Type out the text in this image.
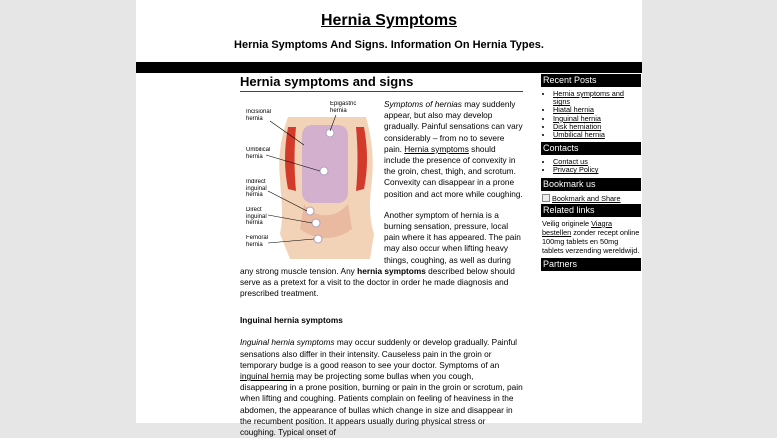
Hernia Symptoms
Hernia Symptoms And Signs. Information On Hernia Types.
Hernia symptoms and signs
Incisional hernia
Epigastric hernia
Umbilical hernia
Indirect inguinal hernia
Direct inguinal hernia
Femoral hernia

Symptoms of hernias may suddenly appear, but also may develop gradually. Painful sensations can vary considerably – from no to severe pain. Hernia symptoms should include the presence of convexity in the groin, chest, thigh, and scrotum. Convexity can disappear in a prone position and act more while coughing.

Another symptom of hernia is a burning sensation, pressure, local pain where it has appeared. The pain may also occur when lifting heavy things, coughing, as well as during any strong muscle tension. Any hernia symptoms described below should serve as a pretext for a visit to the doctor in order he made diagnosis and prescribed treatment.

Inguinal hernia symptoms

Inguinal hernia symptoms may occur suddenly or develop gradually. Painful sensations also differ in their intensity. Causeless pain in the groin or temporary budge is a good reason to see your doctor. Symptoms of an inguinal hernia may be projecting some bullas when you cough, disappearing in a prone position, burning or pain in the groin or scrotum, pain when lifting and coughing. Patients complain on feeling of heaviness in the abdomen, the appearance of bullas which change in size and disappear in the recumbent position. It appears usually during physical stress or coughing. Typical onset of

Recent Posts
• Hernia symptoms and signs
• Hiatal hernia
• Inguinal hernia
• Disk herniation
• Umbilical hernia
Contacts
• Contact us
• Privacy Policy
Bookmark us
Bookmark and Share
Related links
Veilig originele Viagra bestellen zonder recept online 100mg tablets en 50mg tablets verzending wereldwijd.
Partners
